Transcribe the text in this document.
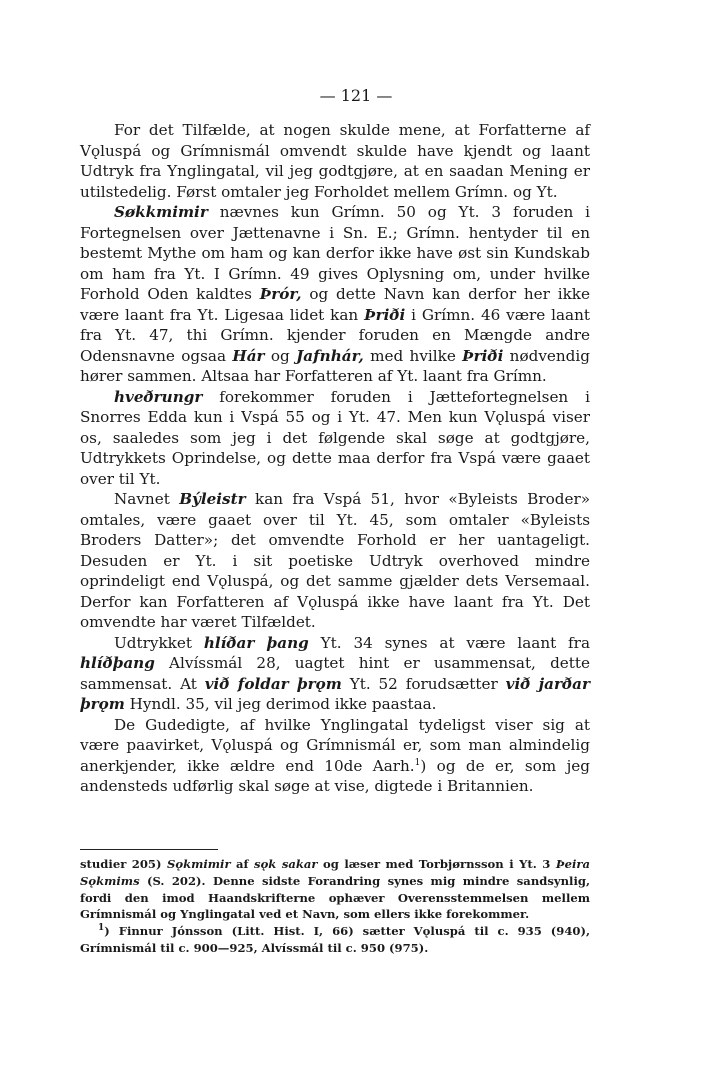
— 121 —

For det Tilfælde, at nogen skulde mene, at Forfatterne af Vǫluspá og Grímnismál omvendt skulde have kjendt og laant Udtryk fra Ynglingatal, vil jeg godtgjøre, at en saadan Mening er utilstedelig. Først omtaler jeg Forholdet mellem Grímn. og Yt.

Søkkmimir nævnes kun Grímn. 50 og Yt. 3 foruden i Fortegnelsen over Jættenavne i Sn. E.; Grímn. hentyder til en bestemt Mythe om ham og kan derfor ikke have øst sin Kundskab om ham fra Yt. I Grímn. 49 gives Oplysning om, under hvilke Forhold Oden kaldtes Þrór, og dette Navn kan derfor her ikke være laant fra Yt. Ligesaa lidet kan Þriði i Grímn. 46 være laant fra Yt. 47, thi Grímn. kjender foruden en Mængde andre Odensnavne ogsaa Hár og Jafnhár, med hvilke Þriði nødvendig hører sammen. Altsaa har Forfatteren af Yt. laant fra Grímn.

hveðrungr forekommer foruden i Jættefortegnelsen i Snorres Edda kun i Vspá 55 og i Yt. 47. Men kun Vǫluspá viser os, saaledes som jeg i det følgende skal søge at godtgjøre, Udtrykkets Oprindelse, og dette maa derfor fra Vspá være gaaet over til Yt.

Navnet Býleistr kan fra Vspá 51, hvor «Byleists Broder» omtales, være gaaet over til Yt. 45, som omtaler «Byleists Broders Datter»; det omvendte Forhold er her uantageligt. Desuden er Yt. i sit poetiske Udtryk overhoved mindre oprindeligt end Vǫluspá, og det samme gjælder dets Versemaal. Derfor kan Forfatteren af Vǫluspá ikke have laant fra Yt. Det omvendte har været Tilfældet.

Udtrykket hlíðar þang Yt. 34 synes at være laant fra hlíðþang Alvíssmál 28, uagtet hint er usammensat, dette sammensat. At við foldar þrǫm Yt. 52 forudsætter við jarðar þrǫm Hyndl. 35, vil jeg derimod ikke paastaa.

De Gudedigte, af hvilke Ynglingatal tydeligst viser sig at være paavirket, Vǫluspá og Grímnismál er, som man almindelig anerkjender, ikke ældre end 10de Aarh.$^1$) og de er, som jeg andensteds udførlig skal søge at vise, digtede i Britannien.

studier 205) Sǫkmimir af sǫk sakar og læser med Torbjørnsson i Yt. 3 Þeira Sǫkmims (S. 202). Denne sidste Forandring synes mig mindre sandsynlig, fordi den imod Haandskrifterne ophæver Overensstemmelsen mellem Grímnismál og Ynglingatal ved et Navn, som ellers ikke forekommer.

$^1$) Finnur Jónsson (Litt. Hist. I, 66) sætter Vǫluspá til c. 935 (940), Grímnismál til c. 900—925, Alvíssmál til c. 950 (975).
